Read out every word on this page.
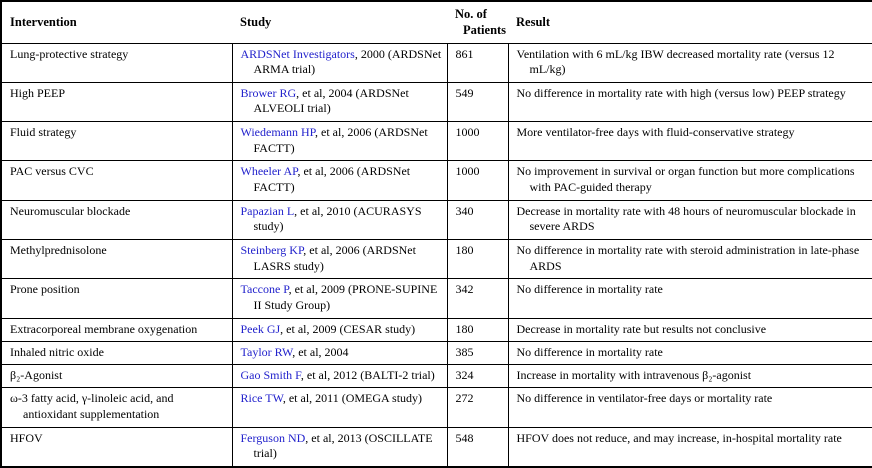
Intervention	Study	No. of Patients	Result

Lung-protective strategy	ARDSNet Investigators, 2000 (ARDSNet ARMA trial)	861	Ventilation with 6 mL/kg IBW decreased mortality rate (versus 12 mL/kg)

High PEEP	Brower RG, et al, 2004 (ARDSNet ALVEOLI trial)	549	No difference in mortality rate with high (versus low) PEEP strategy

Fluid strategy	Wiedemann HP, et al, 2006 (ARDSNet FACTT)	1000	More ventilator-free days with fluid-conservative strategy

PAC versus CVC	Wheeler AP, et al, 2006 (ARDSNet FACTT)	1000	No improvement in survival or organ function but more complications with PAC-guided therapy

Neuromuscular blockade	Papazian L, et al, 2010 (ACURASYS study)	340	Decrease in mortality rate with 48 hours of neuromuscular blockade in severe ARDS

Methylprednisolone	Steinberg KP, et al, 2006 (ARDSNet LASRS study)	180	No difference in mortality rate with steroid administration in late-phase ARDS

Prone position	Taccone P, et al, 2009 (PRONE-SUPINE II Study Group)	342	No difference in mortality rate

Extracorporeal membrane oxygenation	Peek GJ, et al, 2009 (CESAR study)	180	Decrease in mortality rate but results not conclusive

Inhaled nitric oxide	Taylor RW, et al, 2004	385	No difference in mortality rate

β₂-Agonist	Gao Smith F, et al, 2012 (BALTI-2 trial)	324	Increase in mortality with intravenous β₂-agonist

ω-3 fatty acid, γ-linoleic acid, and antioxidant supplementation	Rice TW, et al, 2011 (OMEGA study)	272	No difference in ventilator-free days or mortality rate

HFOV	Ferguson ND, et al, 2013 (OSCILLATE trial)	548	HFOV does not reduce, and may increase, in-hospital mortality rate
